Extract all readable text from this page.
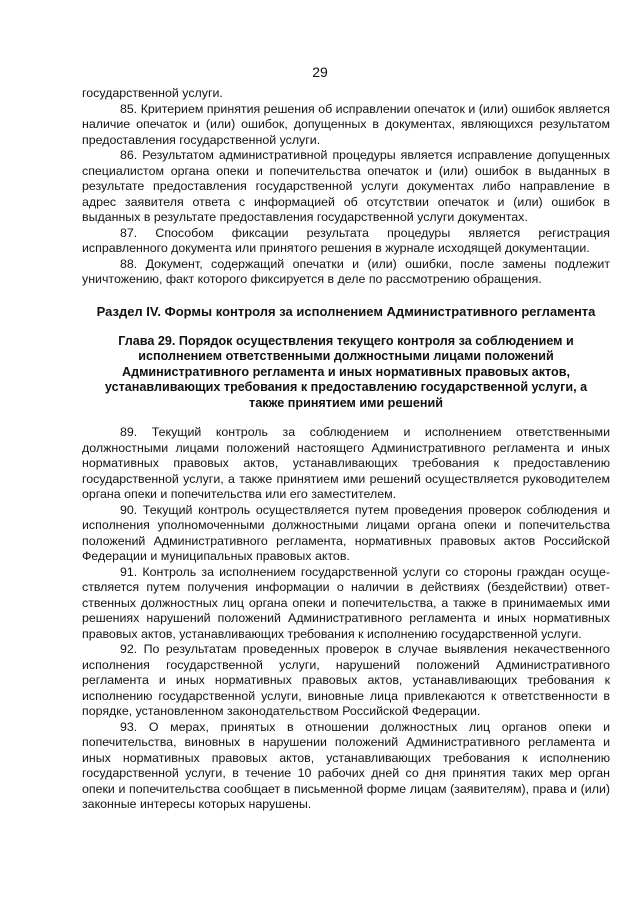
29

государственной услуги.

85. Критерием принятия решения об исправлении опечаток и (или) ошибок является наличие опечаток и (или) ошибок, допущенных в документах, являющихся результатом предоставления государственной услуги.

86. Результатом административной процедуры является исправление допущенных специалистом органа опеки и попечительства опечаток и (или) ошибок в выданных в результате предоставления государственной услуги документах либо направление в адрес заявителя ответа с информацией об отсутствии опечаток и (или) ошибок в выданных в результате предоставления государственной услуги документах.

87. Способом фиксации результата процедуры является регистрация исправленного документа или принятого решения в журнале исходящей документации.

88. Документ, содержащий опечатки и (или) ошибки, после замены подлежит уничтожению, факт которого фиксируется в деле по рассмотрению обращения.

Раздел IV. Формы контроля за исполнением Административного регламента
Глава 29. Порядок осуществления текущего контроля за соблюдением и исполнением ответственными должностными лицами положений Административного регламента и иных нормативных правовых актов, устанавливающих требования к предоставлению государственной услуги, а также принятием ими решений

89. Текущий контроль за соблюдением и исполнением ответственными должностными лицами положений настоящего Административного регламента и иных нормативных правовых актов, устанавливающих требования к предоставлению государственной услуги, а также принятием ими решений осуществляется руководителем органа опеки и попечительства или его заместителем.

90. Текущий контроль осуществляется путем проведения проверок соблюдения и исполнения уполномоченными должностными лицами органа опеки и попечительства положений Административного регламента, нормативных правовых актов Российской Федерации и муниципальных правовых актов.

91. Контроль за исполнением государственной услуги со стороны граждан осуще-ствляется путем получения информации о наличии в действиях (бездействии) ответ-ственных должностных лиц органа опеки и попечительства, а также в принимаемых ими решениях нарушений положений Административного регламента и иных нормативных правовых актов, устанавливающих требования к исполнению государственной услуги.

92. По результатам проведенных проверок в случае выявления некачественного исполнения государственной услуги, нарушений положений Административного регламента и иных нормативных правовых актов, устанавливающих требования к исполнению государственной услуги, виновные лица привлекаются к ответственности в порядке, установленном законодательством Российской Федерации.

93. О мерах, принятых в отношении должностных лиц органов опеки и попечительства, виновных в нарушении положений Административного регламента и иных нормативных правовых актов, устанавливающих требования к исполнению государственной услуги, в течение 10 рабочих дней со дня принятия таких мер орган опеки и попечительства сообщает в письменной форме лицам (заявителям), права и (или) законные интересы которых нарушены.
